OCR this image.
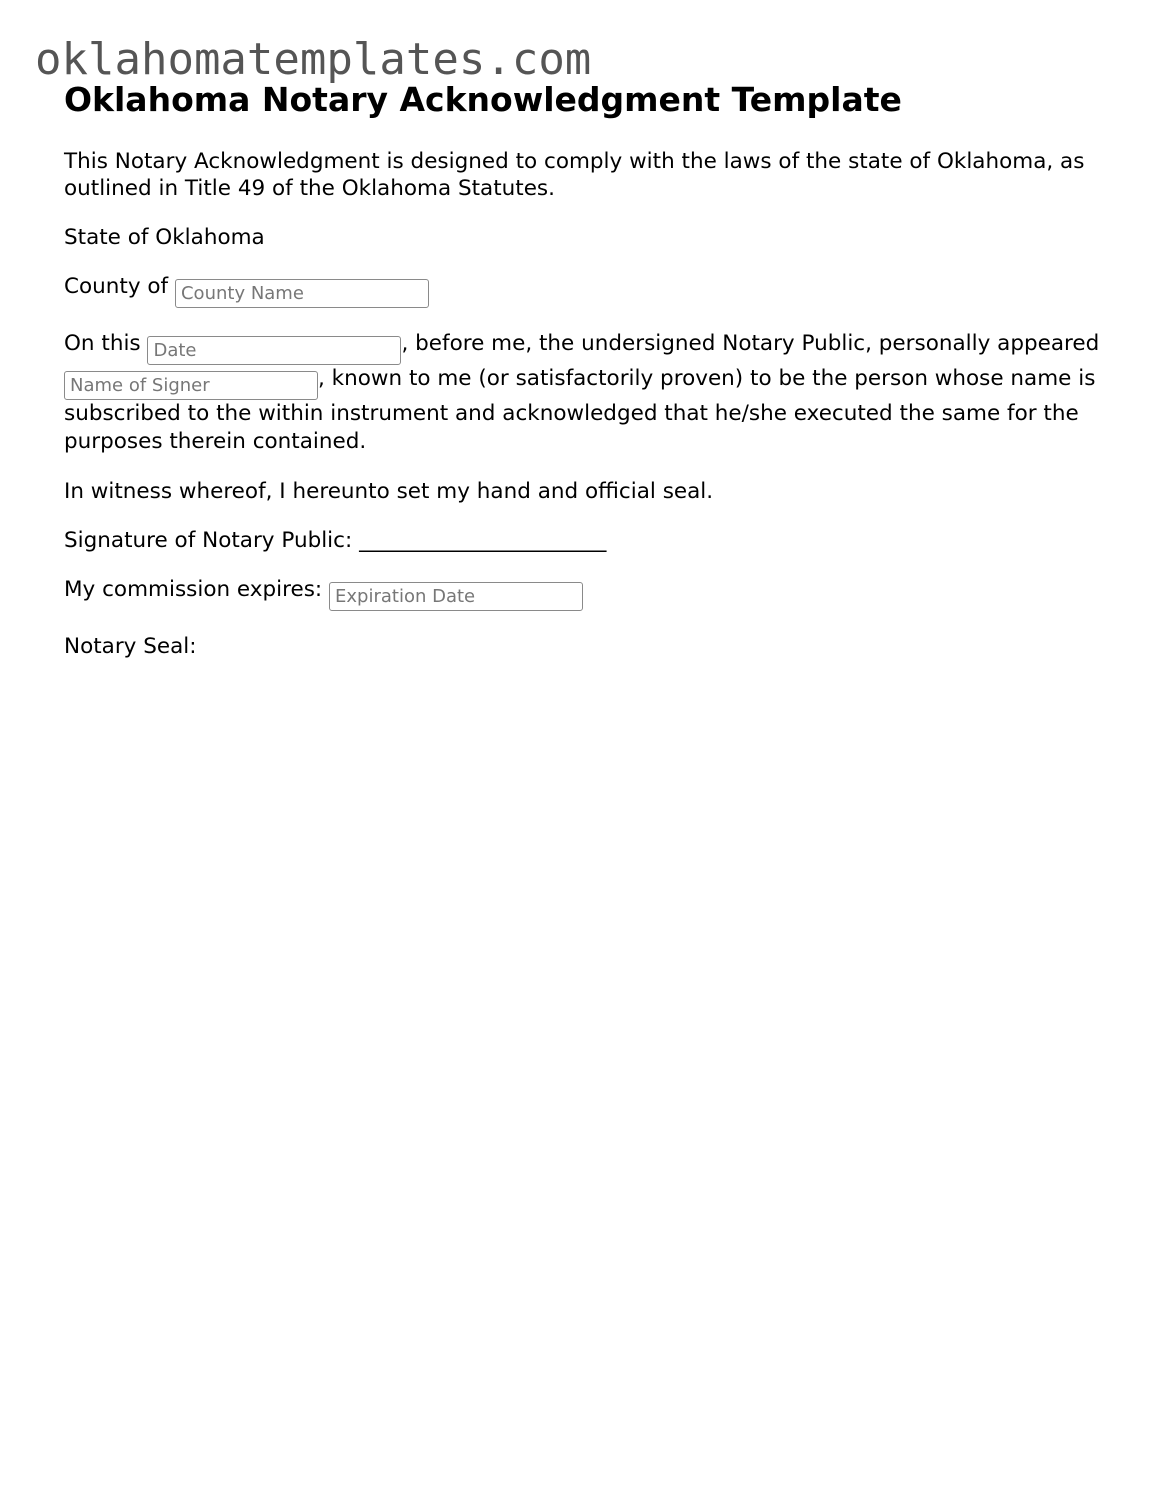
oklahomatemplates.com
Oklahoma Notary Acknowledgment Template

This Notary Acknowledgment is designed to comply with the laws of the state of Oklahoma, as outlined in Title 49 of the Oklahoma Statutes.

State of Oklahoma

County of County Name

On this Date	, before me, the undersigned Notary Public, personally appeared Name of Signer, known to me (or satisfactorily proven) to be the person whose name is subscribed to the within instrument and acknowledged that he/she executed the same for the purposes therein contained.

In witness whereof, I hereunto set my hand and official seal.

Signature of Notary Public: _______________________

My commission expires: Expiration Date

Notary Seal:
